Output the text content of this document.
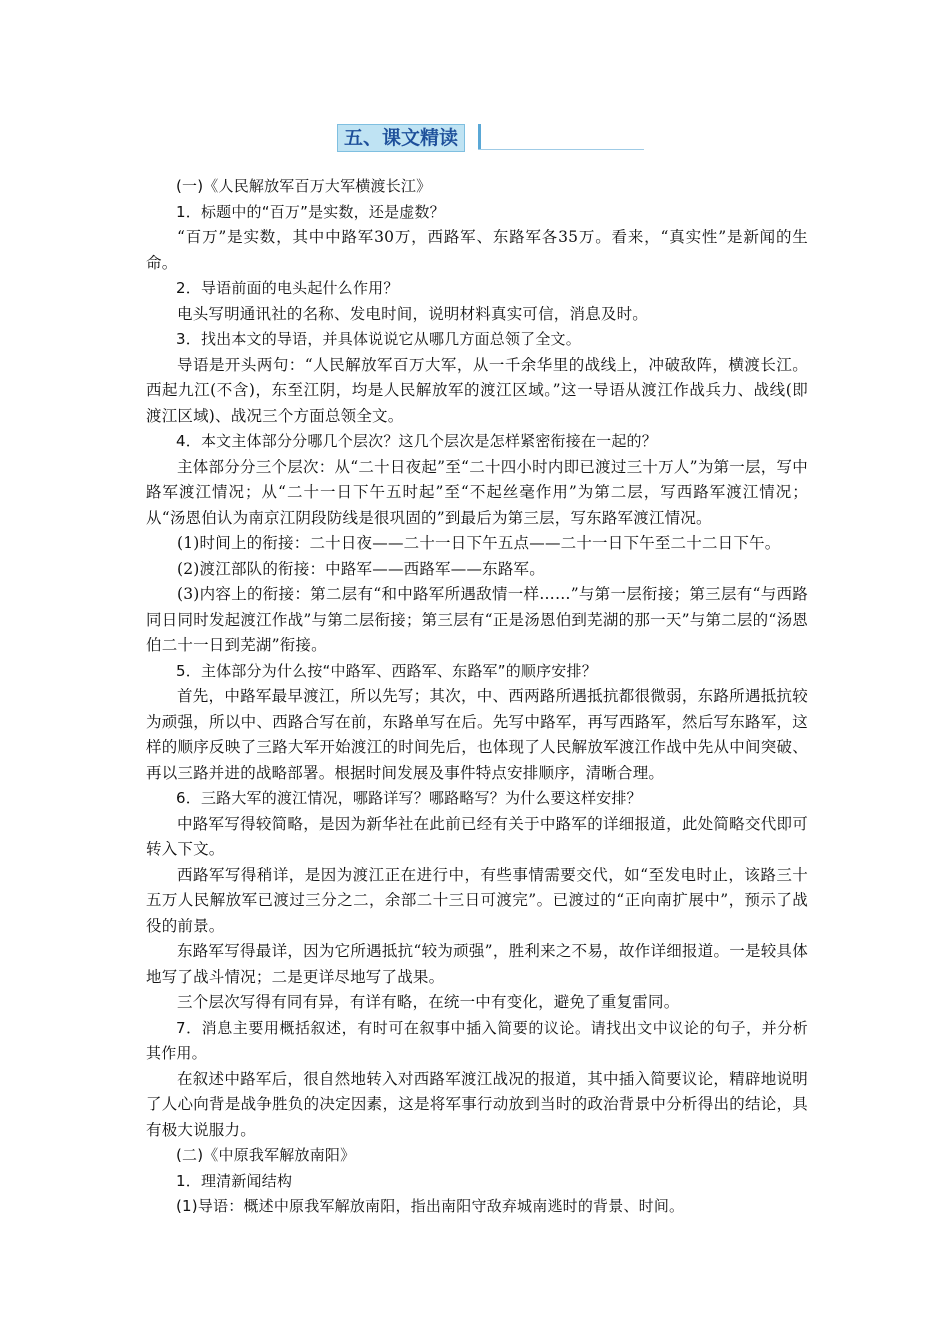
五、课文精读

(一)《人民解放军百万大军横渡长江》

1．标题中的“百万”是实数，还是虚数？

“百万”是实数，其中中路军30万，西路军、东路军各35万。看来，“真实性”是新闻的生命。

2．导语前面的电头起什么作用？

电头写明通讯社的名称、发电时间，说明材料真实可信，消息及时。

3．找出本文的导语，并具体说说它从哪几方面总领了全文。

导语是开头两句：“人民解放军百万大军，从一千余华里的战线上，冲破敌阵，横渡长江。西起九江(不含)，东至江阴，均是人民解放军的渡江区域。”这一导语从渡江作战兵力、战线(即渡江区域)、战况三个方面总领全文。

4．本文主体部分分哪几个层次？这几个层次是怎样紧密衔接在一起的？

主体部分分三个层次：从“二十日夜起”至“二十四小时内即已渡过三十万人”为第一层，写中路军渡江情况；从“二十一日下午五时起”至“不起丝毫作用”为第二层，写西路军渡江情况；从“汤恩伯认为南京江阴段防线是很巩固的”到最后为第三层，写东路军渡江情况。

(1)时间上的衔接：二十日夜——二十一日下午五点——二十一日下午至二十二日下午。

(2)渡江部队的衔接：中路军——西路军——东路军。

(3)内容上的衔接：第二层有“和中路军所遇敌情一样……”与第一层衔接；第三层有“与西路同日同时发起渡江作战”与第二层衔接；第三层有“正是汤恩伯到芜湖的那一天”与第二层的“汤恩伯二十一日到芜湖”衔接。

5．主体部分为什么按“中路军、西路军、东路军”的顺序安排？

首先，中路军最早渡江，所以先写；其次，中、西两路所遇抵抗都很微弱，东路所遇抵抗较为顽强，所以中、西路合写在前，东路单写在后。先写中路军，再写西路军，然后写东路军，这样的顺序反映了三路大军开始渡江的时间先后，也体现了人民解放军渡江作战中先从中间突破、再以三路并进的战略部署。根据时间发展及事件特点安排顺序，清晰合理。

6．三路大军的渡江情况，哪路详写？哪路略写？为什么要这样安排？

中路军写得较简略，是因为新华社在此前已经有关于中路军的详细报道，此处简略交代即可转入下文。

西路军写得稍详，是因为渡江正在进行中，有些事情需要交代，如“至发电时止，该路三十五万人民解放军已渡过三分之二，余部二十三日可渡完”。已渡过的“正向南扩展中”，预示了战役的前景。

东路军写得最详，因为它所遇抵抗“较为顽强”，胜利来之不易，故作详细报道。一是较具体地写了战斗情况；二是更详尽地写了战果。

三个层次写得有同有异，有详有略，在统一中有变化，避免了重复雷同。

7．消息主要用概括叙述，有时可在叙事中插入简要的议论。请找出文中议论的句子，并分析其作用。

在叙述中路军后，很自然地转入对西路军渡江战况的报道，其中插入简要议论，精辟地说明了人心向背是战争胜负的决定因素，这是将军事行动放到当时的政治背景中分析得出的结论，具有极大说服力。

(二)《中原我军解放南阳》

1．理清新闻结构

(1)导语：概述中原我军解放南阳，指出南阳守敌弃城南逃时的背景、时间。
